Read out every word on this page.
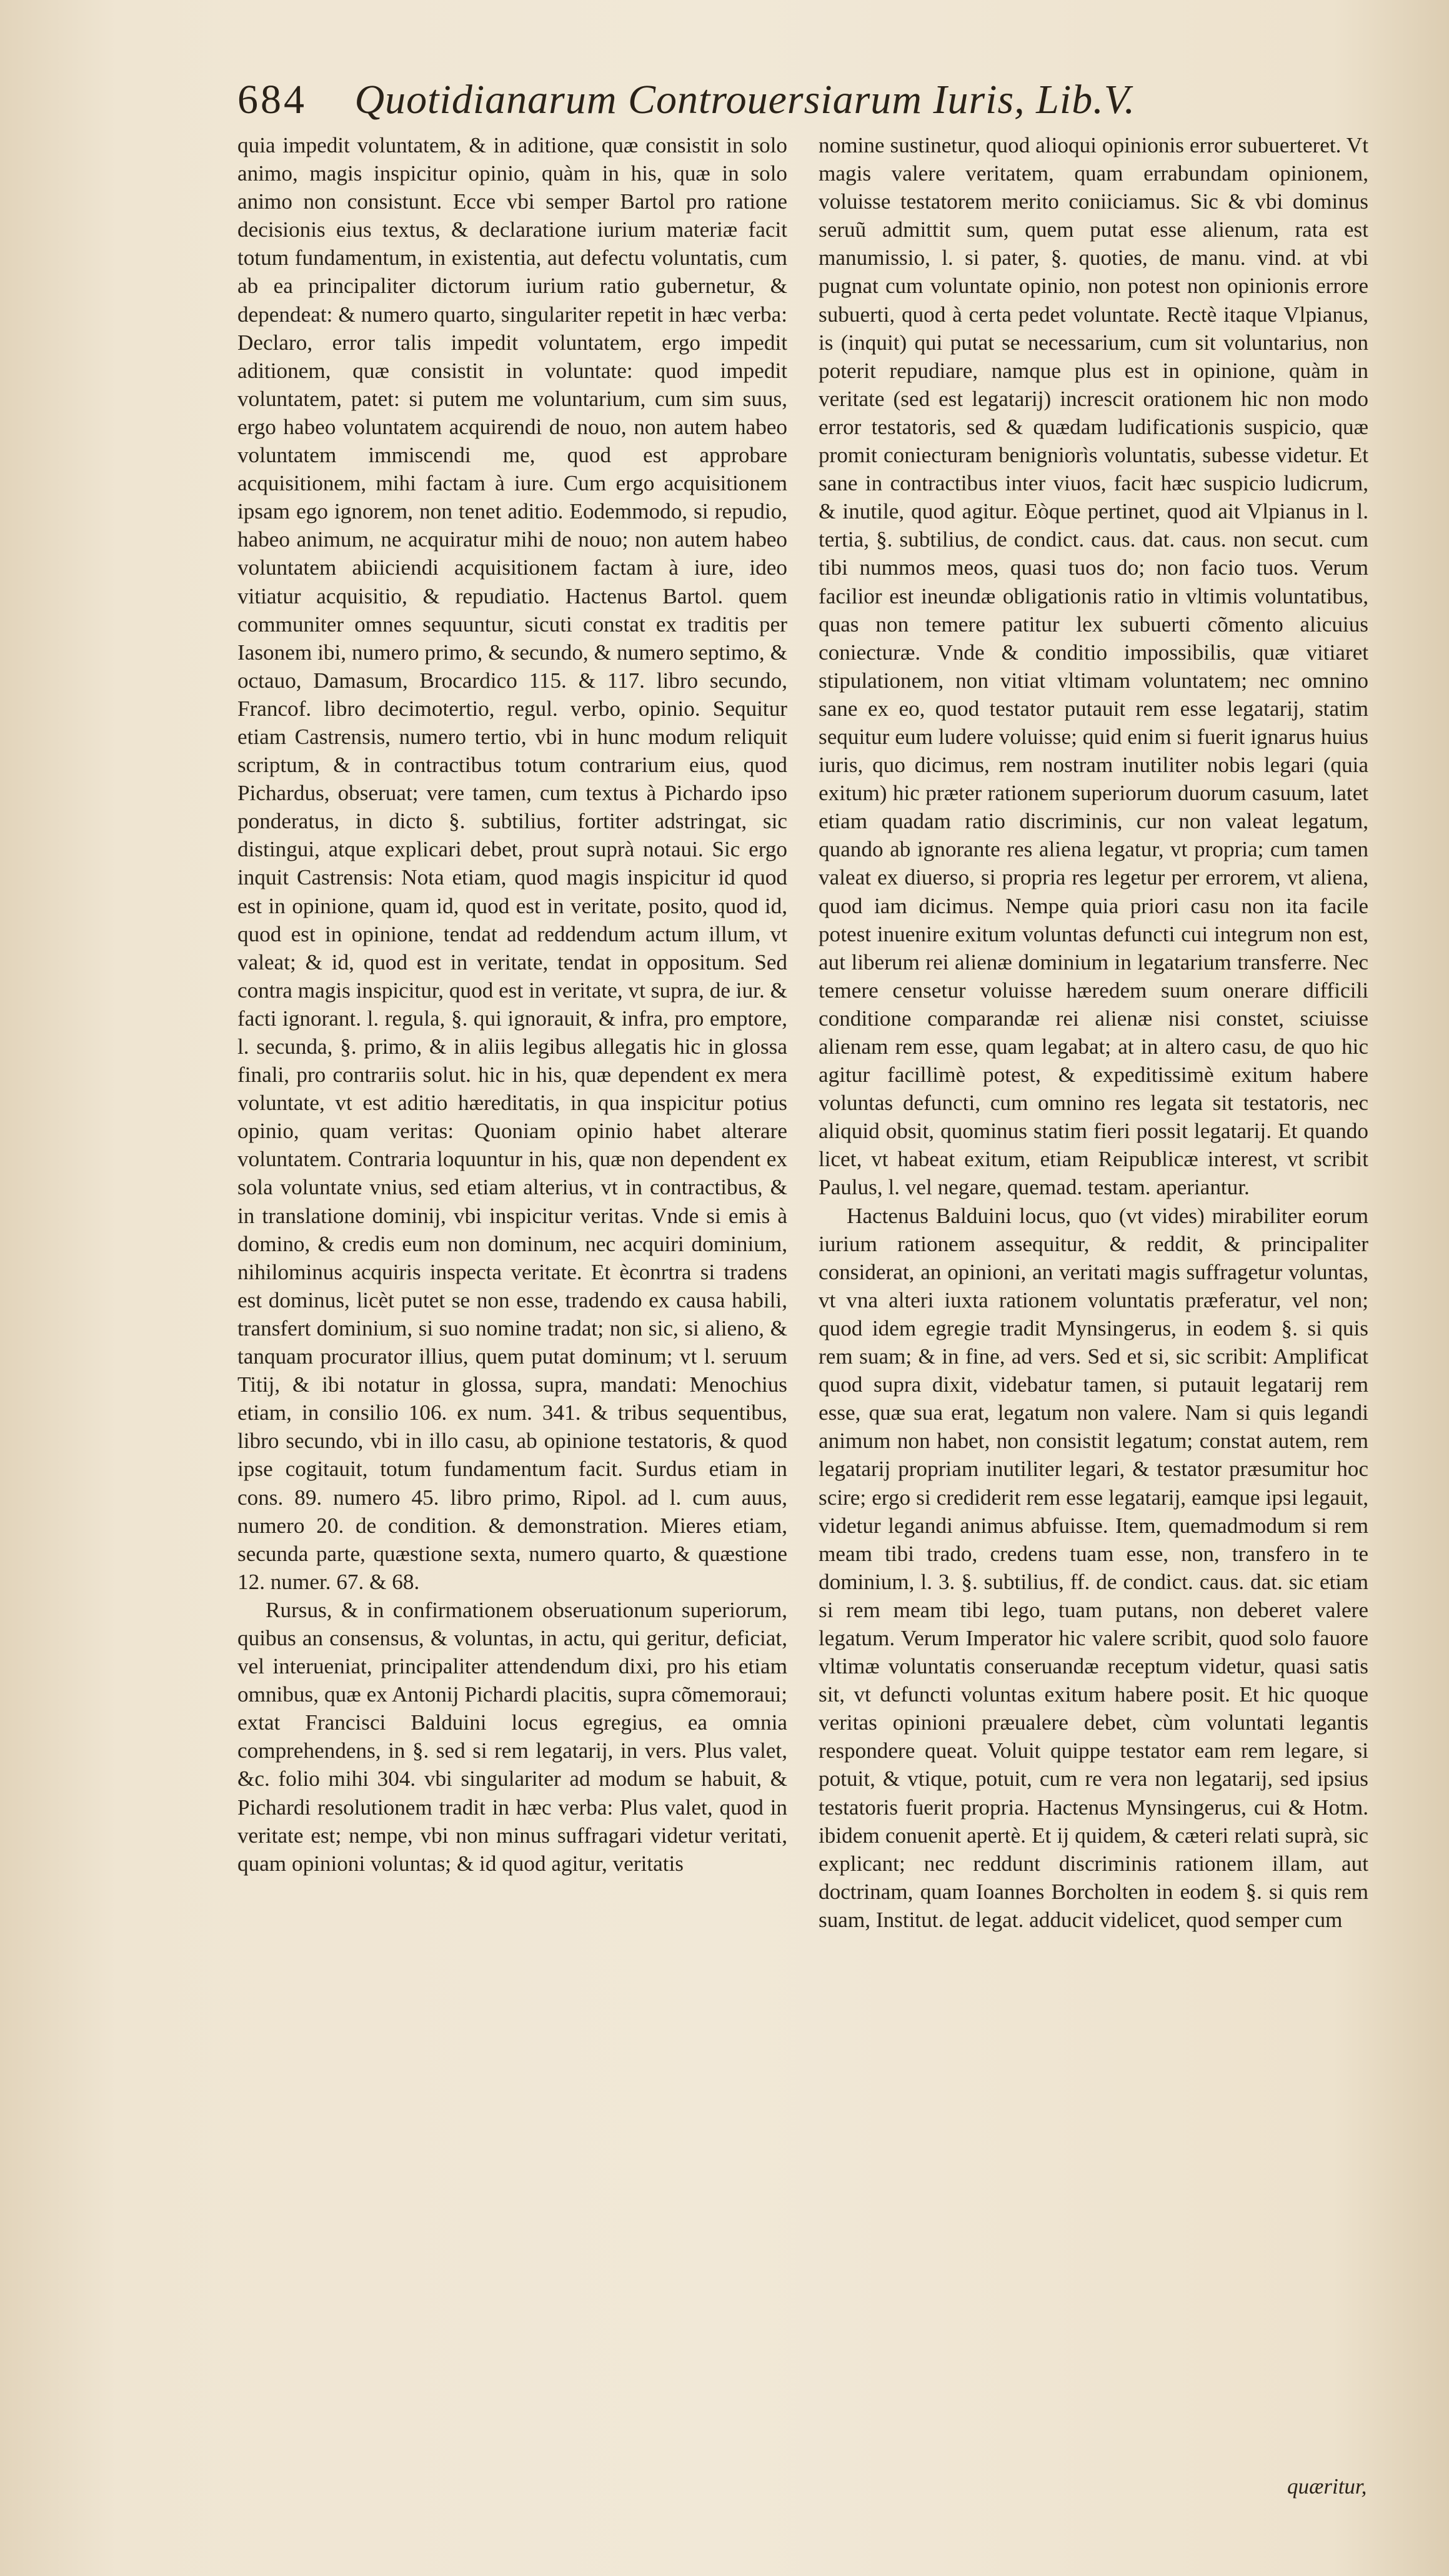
684 Quotidianarum Controuersiarum Iuris, Lib.V.

quia impedit voluntatem, & in aditione, quæ consistit in solo animo, magis inspicitur opinio, quàm in his, quæ in solo animo non consistunt. Ecce vbi semper Bartol pro ratione decisionis eius textus, & declaratione iurium materiæ facit totum fundamentum, in existentia, aut defectu voluntatis, cum ab ea principaliter dictorum iurium ratio gubernetur, & dependeat: & numero quarto, singulariter repetit in hæc verba: Declaro, error talis impedit voluntatem, ergo impedit aditionem, quæ consistit in voluntate: quod impedit voluntatem, patet: si putem me voluntarium, cum sim suus, ergo habeo voluntatem acquirendi de nouo, non autem habeo voluntatem immiscendi me, quod est approbare acquisitionem, mihi factam à iure. Cum ergo acquisitionem ipsam ego ignorem, non tenet aditio. Eodemmodo, si repudio, habeo animum, ne acquiratur mihi de nouo; non autem habeo voluntatem abiiciendi acquisitionem factam à iure, ideo vitiatur acquisitio, & repudiatio. Hactenus Bartol. quem communiter omnes sequuntur, sicuti constat ex traditis per Iasonem ibi, numero primo, & secundo, & numero septimo, & octauo, Damasum, Brocardico 115. & 117. libro secundo, Francof. libro decimotertio, regul. verbo, opinio. Sequitur etiam Castrensis, numero tertio, vbi in hunc modum reliquit scriptum, & in contractibus totum contrarium eius, quod Pichardus, obseruat; vere tamen, cum textus à Pichardo ipso ponderatus, in dicto §. subtilius, fortiter adstringat, sic distingui, atque explicari debet, prout suprà notaui. Sic ergo inquit Castrensis: Nota etiam, quod magis inspicitur id quod est in opinione, quam id, quod est in veritate, posito, quod id, quod est in opinione, tendat ad reddendum actum illum, vt valeat; & id, quod est in veritate, tendat in oppositum. Sed contra magis inspicitur, quod est in veritate, vt supra, de iur. & facti ignorant. l. regula, §. qui ignorauit, & infra, pro emptore, l. secunda, §. primo, & in aliis legibus allegatis hic in glossa finali, pro contrariis solut. hic in his, quæ dependent ex mera voluntate, vt est aditio hæreditatis, in qua inspicitur potius opinio, quam veritas: Quoniam opinio habet alterare voluntatem. Contraria loquuntur in his, quæ non dependent ex sola voluntate vnius, sed etiam alterius, vt in contractibus, & in translatione dominij, vbi inspicitur veritas. Vnde si emis à domino, & credis eum non dominum, nec acquiri dominium, nihilominus acquiris inspecta veritate. Et èconrtra si tradens est dominus, licèt putet se non esse, tradendo ex causa habili, transfert dominium, si suo nomine tradat; non sic, si alieno, & tanquam procurator illius, quem putat dominum; vt l. seruum Titij, & ibi notatur in glossa, supra, mandati: Menochius etiam, in consilio 106. ex num. 341. & tribus sequentibus, libro secundo, vbi in illo casu, ab opinione testatoris, & quod ipse cogitauit, totum fundamentum facit. Surdus etiam in cons. 89. numero 45. libro primo, Ripol. ad l. cum auus, numero 20. de condition. & demonstration. Mieres etiam, secunda parte, quæstione sexta, numero quarto, & quæstione 12. numer. 67. & 68.

Rursus, & in confirmationem obseruationum superiorum, quibus an consensus, & voluntas, in actu, qui geritur, deficiat, vel interueniat, principaliter attendendum dixi, pro his etiam omnibus, quæ ex Antonij Pichardi placitis, supra cõmemoraui; extat Francisci Balduini locus egregius, ea omnia comprehendens, in §. sed si rem legatarij, in vers. Plus valet, &c. folio mihi 304. vbi singulariter ad modum se habuit, & Pichardi resolutionem tradit in hæc verba: Plus valet, quod in veritate est; nempe, vbi non minus suffragari videtur veritati, quam opinioni voluntas; & id quod agitur, veritatis

nomine sustinetur, quod alioqui opinionis error subuerteret. Vt magis valere veritatem, quam errabundam opinionem, voluisse testatorem merito coniiciamus. Sic & vbi dominus seruũ admittit sum, quem putat esse alienum, rata est manumissio, l. si pater, §. quoties, de manu. vind. at vbi pugnat cum voluntate opinio, non potest non opinionis errore subuerti, quod à certa pedet voluntate. Rectè itaque Vlpianus, is (inquit) qui putat se necessarium, cum sit voluntarius, non poterit repudiare, namque plus est in opinione, quàm in veritate (sed est legatarij) increscit orationem hic non modo error testatoris, sed & quædam ludificationis suspicio, quæ promit coniecturam benigniorìs voluntatis, subesse videtur. Et sane in contractibus inter viuos, facit hæc suspicio ludicrum, & inutile, quod agitur. Eòque pertinet, quod ait Vlpianus in l. tertia, §. subtilius, de condict. caus. dat. caus. non secut. cum tibi nummos meos, quasi tuos do; non facio tuos. Verum facilior est ineundæ obligationis ratio in vltimis voluntatibus, quas non temere patitur lex subuerti cõmento alicuius coniecturæ. Vnde & conditio impossibilis, quæ vitiaret stipulationem, non vitiat vltimam voluntatem; nec omnino sane ex eo, quod testator putauit rem esse legatarij, statim sequitur eum ludere voluisse; quid enim si fuerit ignarus huius iuris, quo dicimus, rem nostram inutiliter nobis legari (quia exitum) hic præter rationem superiorum duorum casuum, latet etiam quadam ratio discriminis, cur non valeat legatum, quando ab ignorante res aliena legatur, vt propria; cum tamen valeat ex diuerso, si propria res legetur per errorem, vt aliena, quod iam dicimus. Nempe quia priori casu non ita facile potest inuenire exitum voluntas defuncti cui integrum non est, aut liberum rei alienæ dominium in legatarium transferre. Nec temere censetur voluisse hæredem suum onerare difficili conditione comparandæ rei alienæ nisi constet, sciuisse alienam rem esse, quam legabat; at in altero casu, de quo hic agitur facillimè potest, & expeditissimè exitum habere voluntas defuncti, cum omnino res legata sit testatoris, nec aliquid obsit, quominus statim fieri possit legatarij. Et quando licet, vt habeat exitum, etiam Reipublicæ interest, vt scribit Paulus, l. vel negare, quemad. testam. aperiantur.

Hactenus Balduini locus, quo (vt vides) mirabiliter eorum iurium rationem assequitur, & reddit, & principaliter considerat, an opinioni, an veritati magis suffragetur voluntas, vt vna alteri iuxta rationem voluntatis præferatur, vel non; quod idem egregie tradit Mynsingerus, in eodem §. si quis rem suam; & in fine, ad vers. Sed et si, sic scribit: Amplificat quod supra dixit, videbatur tamen, si putauit legatarij rem esse, quæ sua erat, legatum non valere. Nam si quis legandi animum non habet, non consistit legatum; constat autem, rem legatarij propriam inutiliter legari, & testator præsumitur hoc scire; ergo si crediderit rem esse legatarij, eamque ipsi legauit, videtur legandi animus abfuisse. Item, quemadmodum si rem meam tibi trado, credens tuam esse, non, transfero in te dominium, l. 3. §. subtilius, ff. de condict. caus. dat. sic etiam si rem meam tibi lego, tuam putans, non deberet valere legatum. Verum Imperator hic valere scribit, quod solo fauore vltimæ voluntatis conseruandæ receptum videtur, quasi satis sit, vt defuncti voluntas exitum habere posit. Et hic quoque veritas opinioni præualere debet, cùm voluntati legantis respondere queat. Voluit quippe testator eam rem legare, si potuit, & vtique, potuit, cum re vera non legatarij, sed ipsius testatoris fuerit propria. Hactenus Mynsingerus, cui & Hotm. ibidem conuenit apertè. Et ij quidem, & cæteri relati suprà, sic explicant; nec reddunt discriminis rationem illam, aut doctrinam, quam Ioannes Borcholten in eodem §. si quis rem suam, Institut. de legat. adducit videlicet, quod semper cum

quæritur,
